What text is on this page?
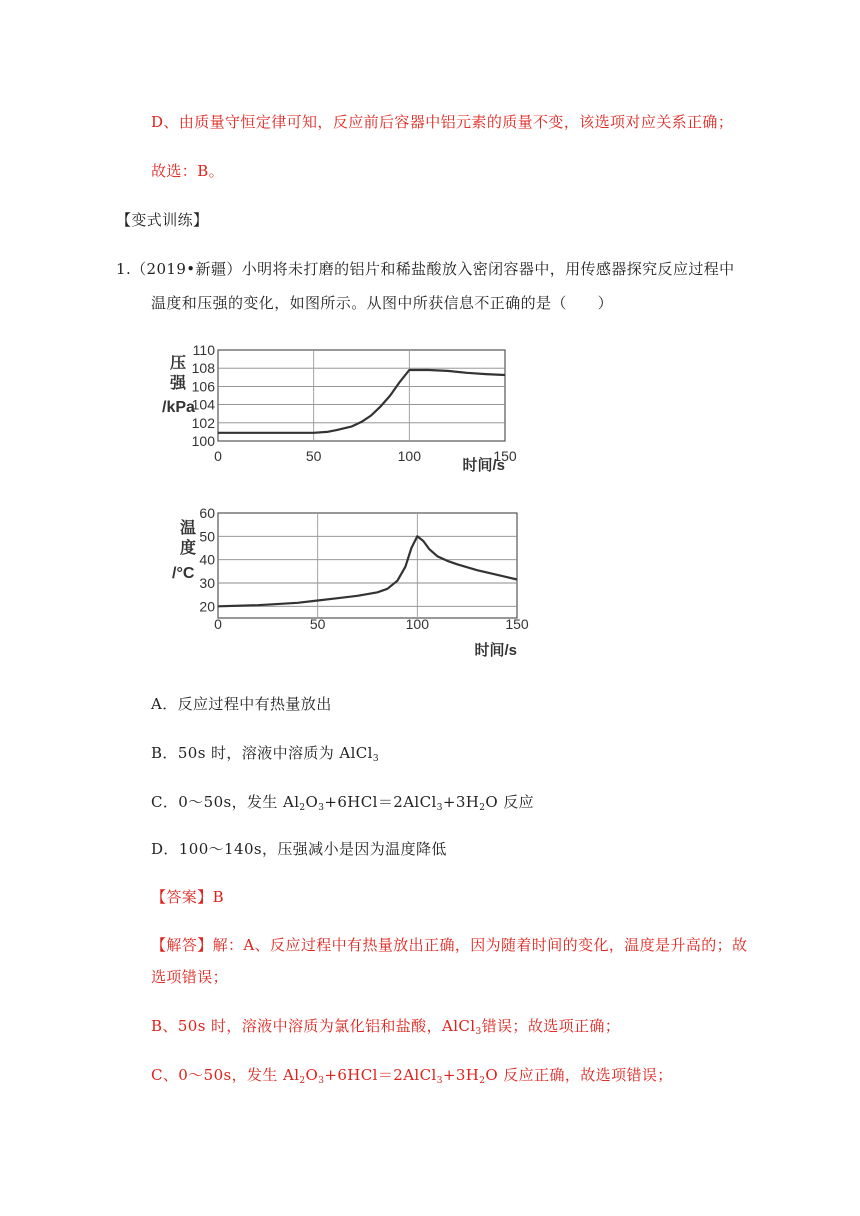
D、由质量守恒定律可知，反应前后容器中铝元素的质量不变，该选项对应关系正确；
故选：B。
【变式训练】
1.（2019•新疆）小明将未打磨的铝片和稀盐酸放入密闭容器中，用传感器探究反应过程中
温度和压强的变化，如图所示。从图中所获信息不正确的是（　　）
100
102
104
106
108
110
0	50	100	150
压
强
/kPa
时间/s
20
30
40
50
60
0	50	100	150
温
度
/°C
时间/s
A．反应过程中有热量放出
B．50s 时，溶液中溶质为 AlCl$_3$
C．0～50s，发生 $Al_2O_3+6HCl=2AlCl_3+3H_2O$ 反应
D．100～140s，压强减小是因为温度降低
【答案】B
【解答】解：A、反应过程中有热量放出正确，因为随着时间的变化，温度是升高的；故
选项错误；
B、50s 时，溶液中溶质为氯化铝和盐酸，AlCl$_3$错误；故选项正确；
C、0～50s，发生 $Al_2O_3+6HCl=2AlCl_3+3H_2O$ 反应正确，故选项错误；
